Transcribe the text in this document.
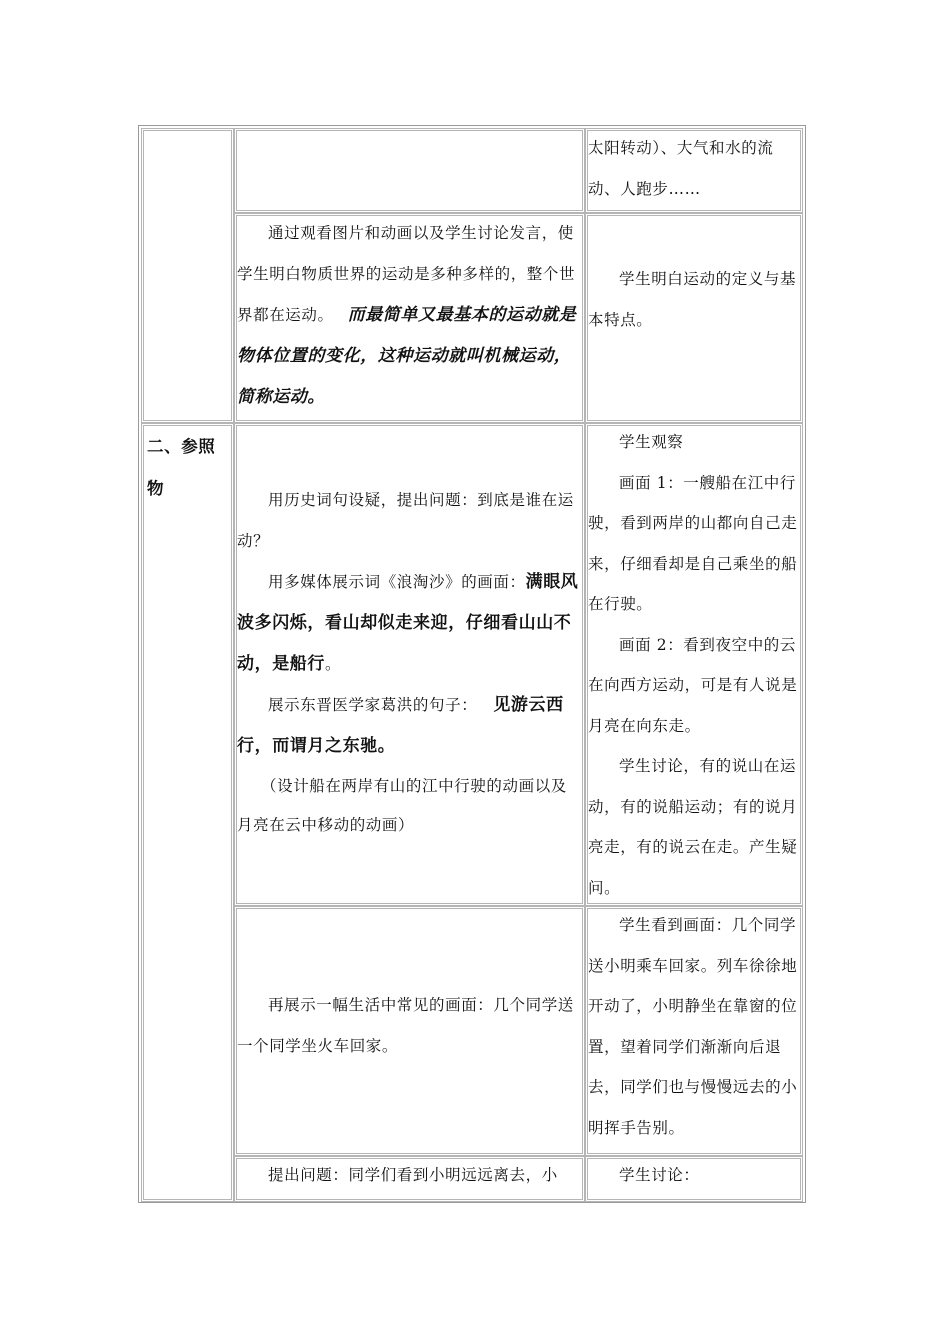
二、参照物

太阳转动）、大气和水的流

动、人跑步……

通过观看图片和动画以及学生讨论发言，使学生明白物质世界的运动是多种多样的，整个世界都在运动。 而最简单又最基本的运动就是物体位置的变化，这种运动就叫机械运动，简称运动。

学生明白运动的定义与基本特点。

用历史词句设疑，提出问题：到底是谁在运动？

用多媒体展示词《浪淘沙》的画面：满眼风波多闪烁，看山却似走来迎，仔细看山山不动，是船行。

展示东晋医学家葛洪的句子： 见游云西行，而谓月之东驰。

（设计船在两岸有山的江中行驶的动画以及月亮在云中移动的动画）

学生观察

画面 1：一艘船在江中行驶，看到两岸的山都向自己走来，仔细看却是自己乘坐的船在行驶。

画面 2：看到夜空中的云在向西方运动，可是有人说是月亮在向东走。

学生讨论，有的说山在运动，有的说船运动；有的说月亮走，有的说云在走。产生疑问。

再展示一幅生活中常见的画面：几个同学送一个同学坐火车回家。

学生看到画面：几个同学送小明乘车回家。列车徐徐地开动了，小明静坐在靠窗的位置，望着同学们渐渐向后退去，同学们也与慢慢远去的小明挥手告别。

提出问题：同学们看到小明远远离去，小	学生讨论：
